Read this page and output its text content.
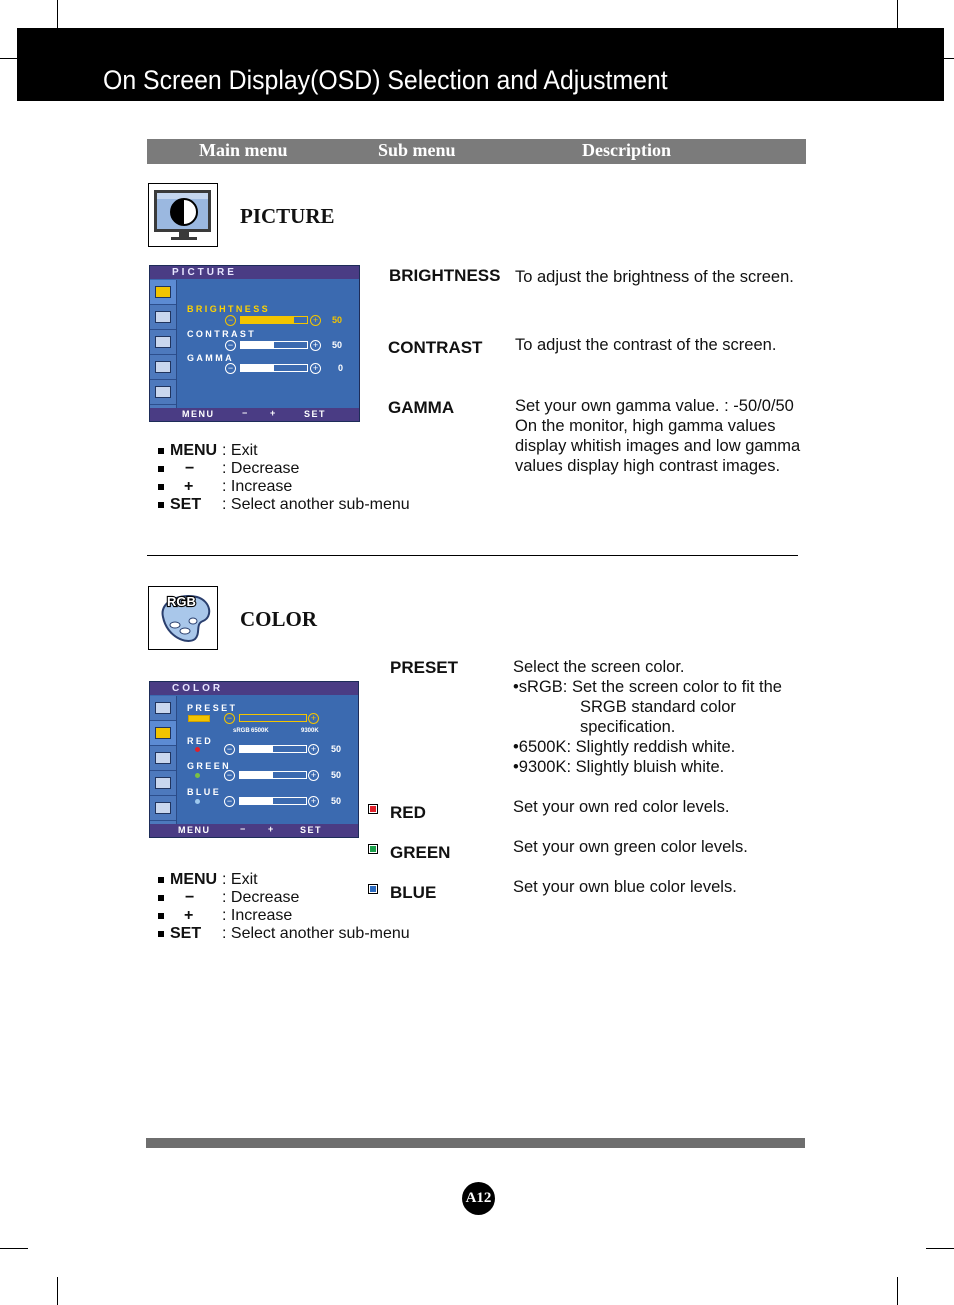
On Screen Display(OSD) Selection and Adjustment
Main menu	Sub menu	Description
PICTURE
PICTURE
BRIGHTNESS
−	+	50
CONTRAST
−	+	50
GAMMA
−	+	0
MENU	− +	SET
BRIGHTNESS To adjust the brightness of the screen.
CONTRAST To adjust the contrast of the screen.
GAMMA	Set your own gamma value. : -50/0/50
On the monitor, high gamma values
display whitish images and low gamma
values display high contrast images.
MENU : Exit
− : Decrease
+ : Increase
SET : Select another sub-menu
RGB
COLOR
COLOR
PRESET
−	+
sRGB 6500K	9300K
RED
−	+	50
GREEN
−	+	50
BLUE
−	+	50
MENU	− +	SET
PRESET	Select the screen color.
•sRGB: Set the screen color to fit the
SRGB standard color
specification.
•6500K: Slightly reddish white.
•9300K: Slightly bluish white.
RED	Set your own red color levels.
GREEN	Set your own green color levels.
BLUE	Set your own blue color levels.
MENU : Exit
− : Decrease
+ : Increase
SET : Select another sub-menu
A12
